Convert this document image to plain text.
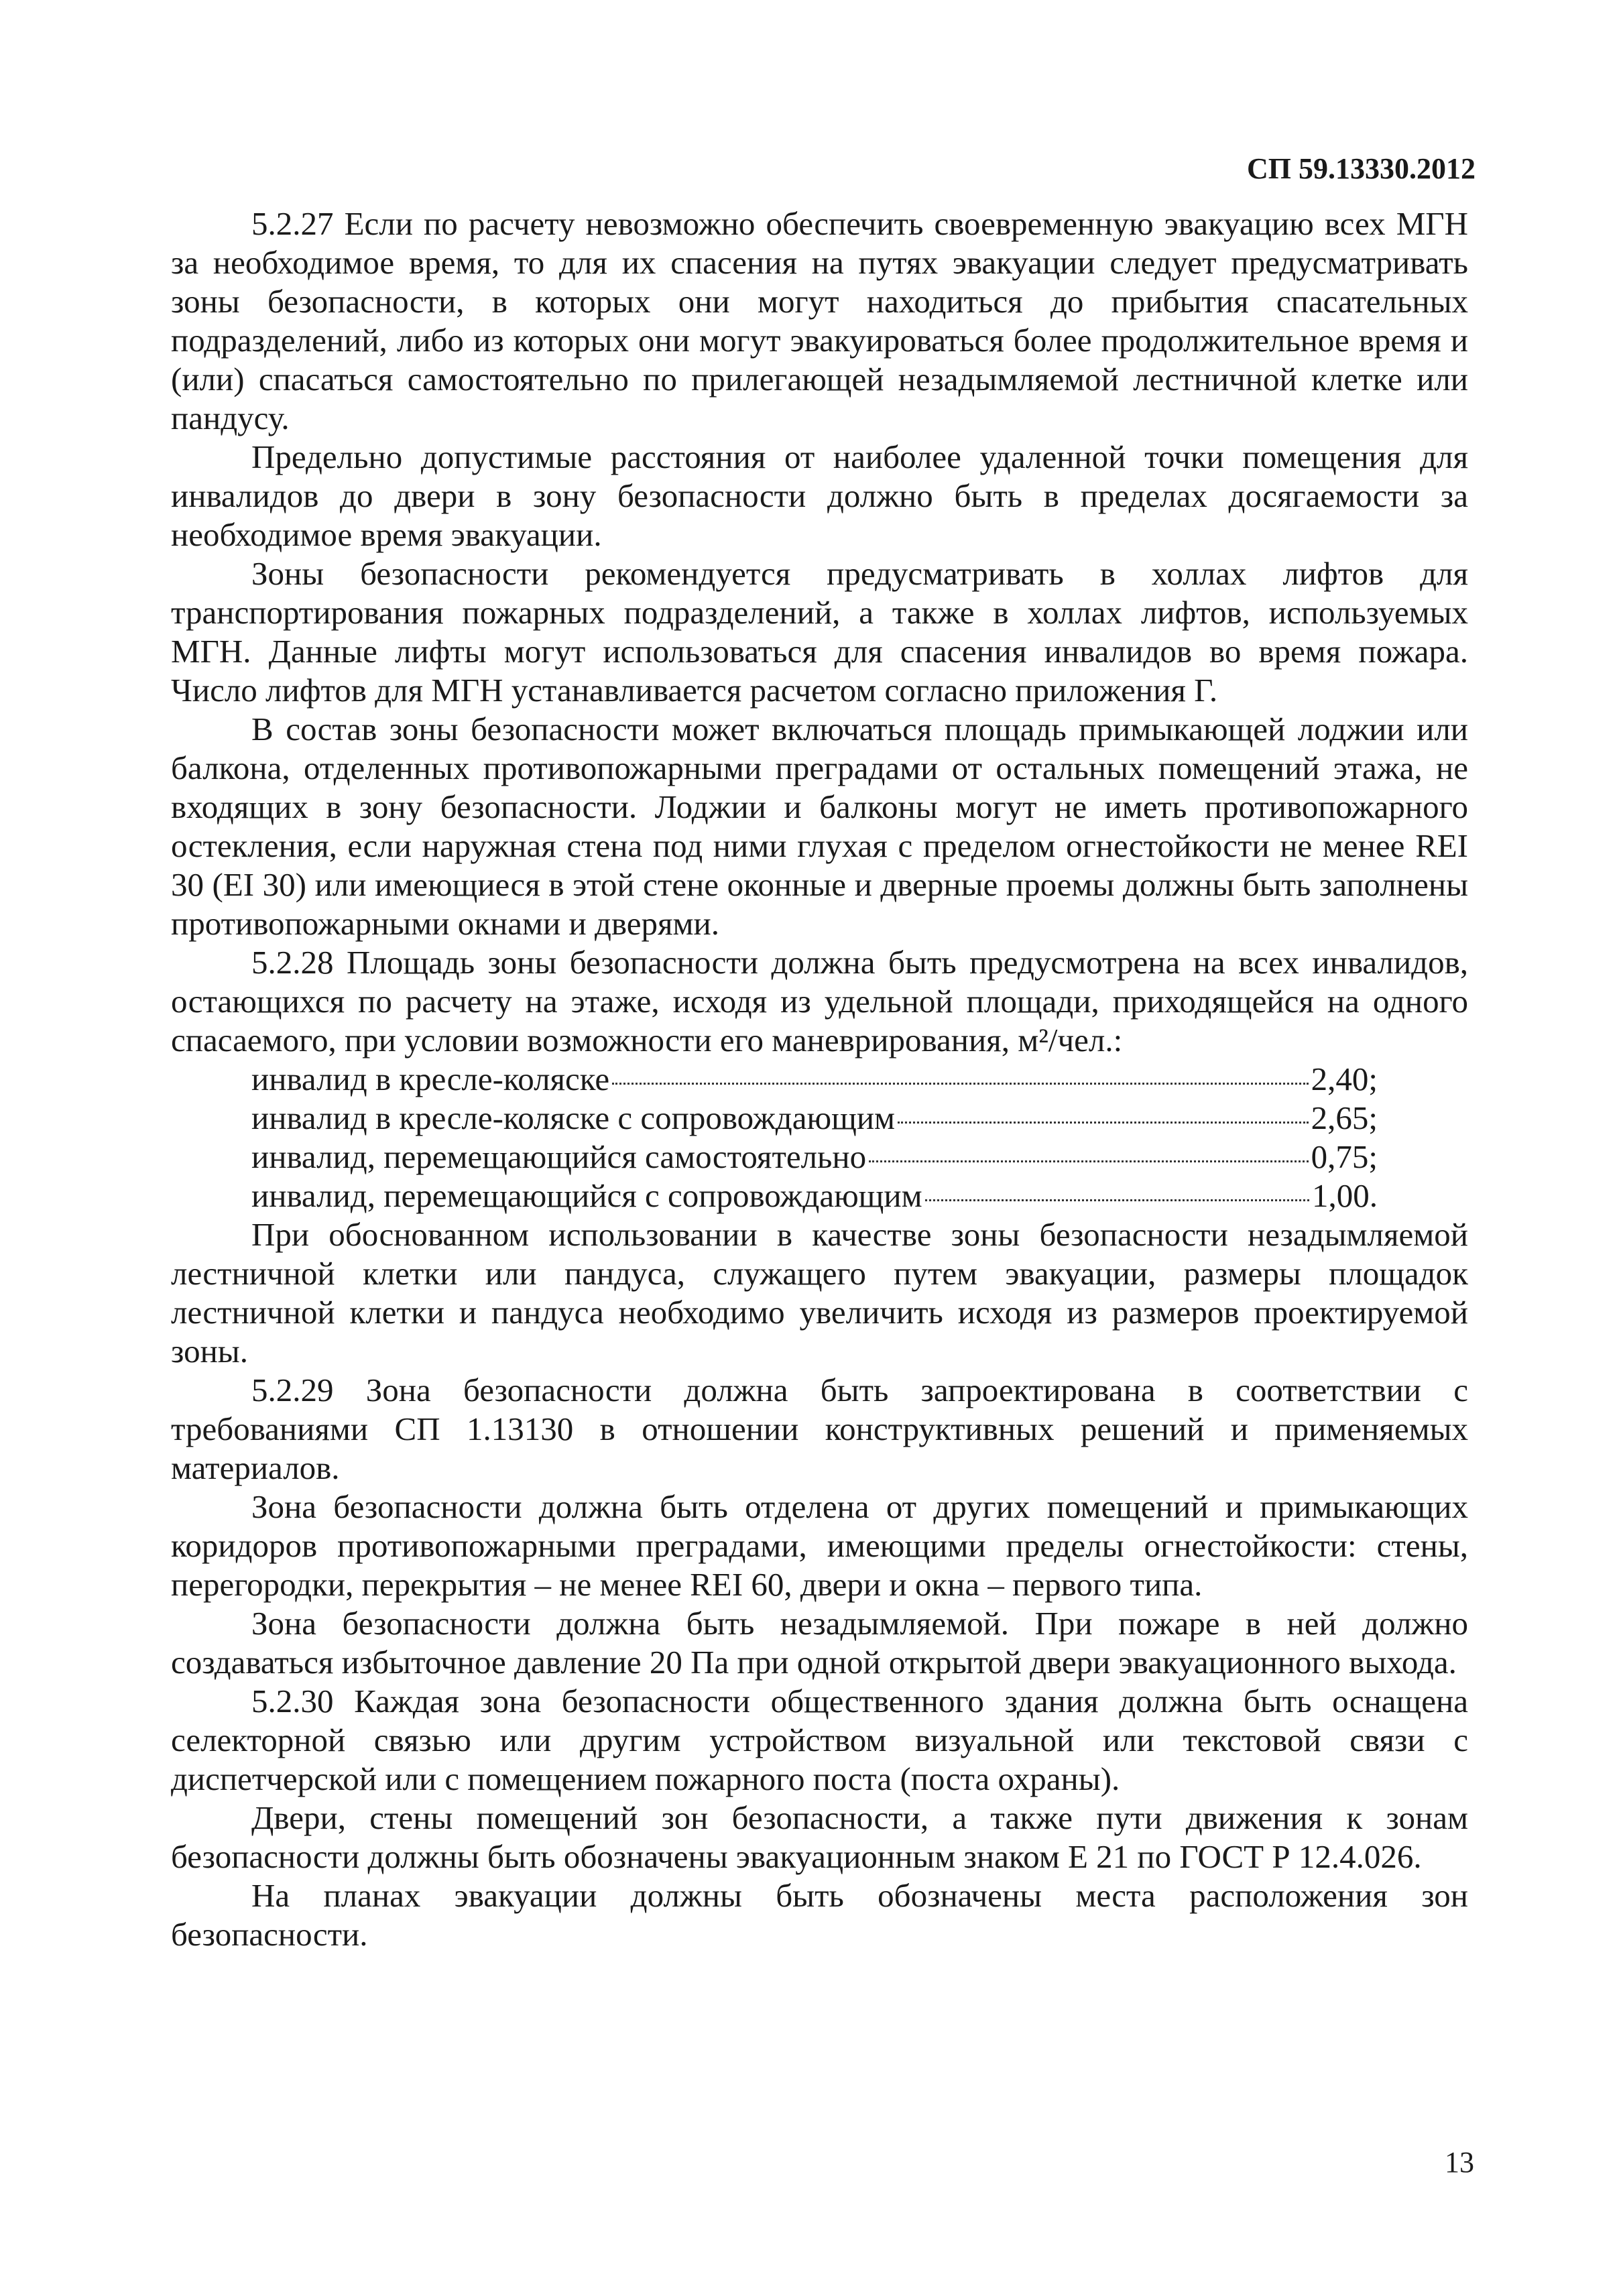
СП 59.13330.2012

5.2.27 Если по расчету невозможно обеспечить своевременную эвакуацию всех МГН за необходимое время, то для их спасения на путях эвакуации следует предусматривать зоны безопасности, в которых они могут находиться до прибытия спасательных подразделений, либо из которых они могут эвакуироваться более продолжительное время и (или) спасаться самостоятельно по прилегающей незадымляемой лестничной клетке или пандусу.

Предельно допустимые расстояния от наиболее удаленной точки помещения для инвалидов до двери в зону безопасности должно быть в пределах досягаемости за необходимое время эвакуации.

Зоны безопасности рекомендуется предусматривать в холлах лифтов для транспортирования пожарных подразделений, а также в холлах лифтов, используемых МГН. Данные лифты могут использоваться для спасения инвалидов во время пожара. Число лифтов для МГН устанавливается расчетом согласно приложения Г.

В состав зоны безопасности может включаться площадь примыкающей лоджии или балкона, отделенных противопожарными преградами от остальных помещений этажа, не входящих в зону безопасности. Лоджии и балконы могут не иметь противопожарного остекления, если наружная стена под ними глухая с пределом огнестойкости не менее REI 30 (EI 30) или имеющиеся в этой стене оконные и дверные проемы должны быть заполнены противопожарными окнами и дверями.

5.2.28 Площадь зоны безопасности должна быть предусмотрена на всех инвалидов, остающихся по расчету на этаже, исходя из удельной площади, приходящейся на одного спасаемого, при условии возможности его маневрирования, м²/чел.:

инвалид в кресле-коляске	2,40;
инвалид в кресле-коляске с сопровождающим	2,65;
инвалид, перемещающийся самостоятельно	0,75;
инвалид, перемещающийся с сопровождающим	1,00.

При обоснованном использовании в качестве зоны безопасности незадымляемой лестничной клетки или пандуса, служащего путем эвакуации, размеры площадок лестничной клетки и пандуса необходимо увеличить исходя из размеров проектируемой зоны.

5.2.29 Зона безопасности должна быть запроектирована в соответствии с требованиями СП 1.13130 в отношении конструктивных решений и применяемых материалов.

Зона безопасности должна быть отделена от других помещений и примыкающих коридоров противопожарными преградами, имеющими пределы огнестойкости: стены, перегородки, перекрытия – не менее REI 60, двери и окна – первого типа.

Зона безопасности должна быть незадымляемой. При пожаре в ней должно создаваться избыточное давление 20 Па при одной открытой двери эвакуационного выхода.

5.2.30 Каждая зона безопасности общественного здания должна быть оснащена селекторной связью или другим устройством визуальной или текстовой связи с диспетчерской или с помещением пожарного поста (поста охраны).

Двери, стены помещений зон безопасности, а также пути движения к зонам безопасности должны быть обозначены эвакуационным знаком Е 21 по ГОСТ Р 12.4.026.

На планах эвакуации должны быть обозначены места расположения зон безопасности.

13
